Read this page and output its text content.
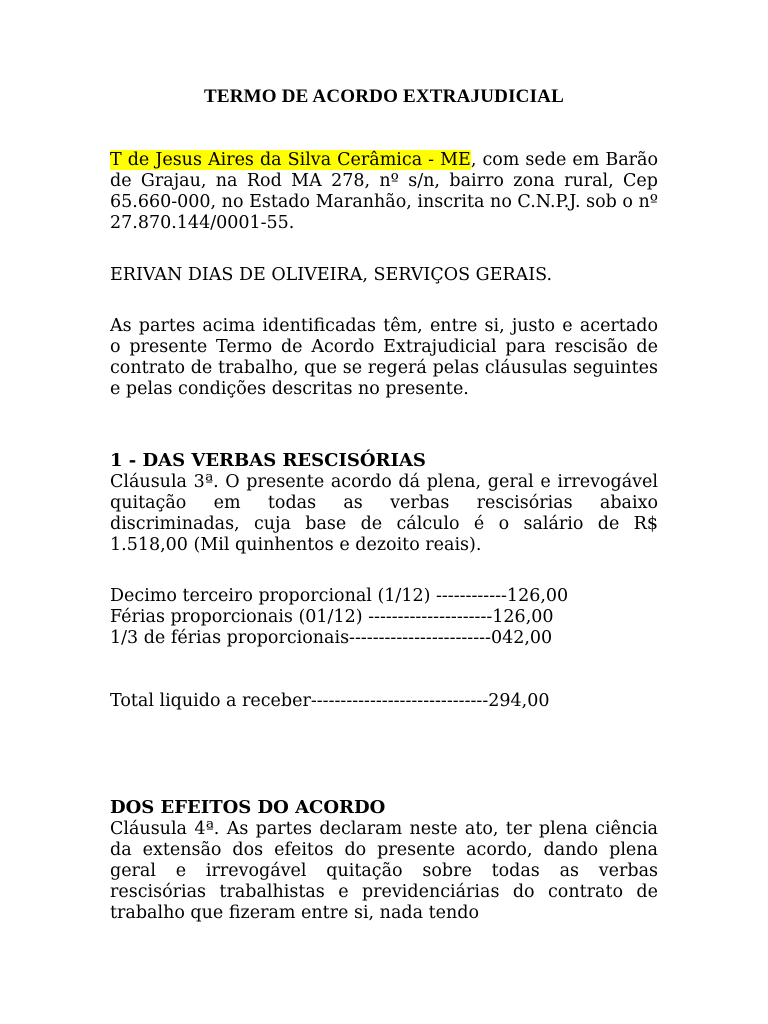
TERMO DE ACORDO EXTRAJUDICIAL
T de Jesus Aires da Silva Cerâmica - ME, com sede em Barão de Grajau, na Rod MA 278, nº s/n, bairro zona rural, Cep 65.660-000, no Estado Maranhão, inscrita no C.N.P.J. sob o nº 27.870.144/0001-55.
ERIVAN DIAS DE OLIVEIRA, SERVIÇOS GERAIS.
As partes acima identificadas têm, entre si, justo e acertado o presente Termo de Acordo Extrajudicial para rescisão de contrato de trabalho, que se regerá pelas cláusulas seguintes e pelas condições descritas no presente.
1 - DAS VERBAS RESCISÓRIAS
Cláusula 3ª. O presente acordo dá plena, geral e irrevogável quitação em todas as verbas rescisórias abaixo discriminadas, cuja base de cálculo é o salário de R$ 1.518,00 (Mil quinhentos e dezoito reais).
Decimo terceiro proporcional (1/12) ------------126,00
Férias proporcionais (01/12) ---------------------126,00
1/3 de férias proporcionais------------------------042,00
Total liquido a receber------------------------------294,00
DOS EFEITOS DO ACORDO
Cláusula 4ª. As partes declaram neste ato, ter plena ciência da extensão dos efeitos do presente acordo, dando plena geral e irrevogável quitação sobre todas as verbas rescisórias trabalhistas e previdenciárias do contrato de trabalho que fizeram entre si, nada tendo
